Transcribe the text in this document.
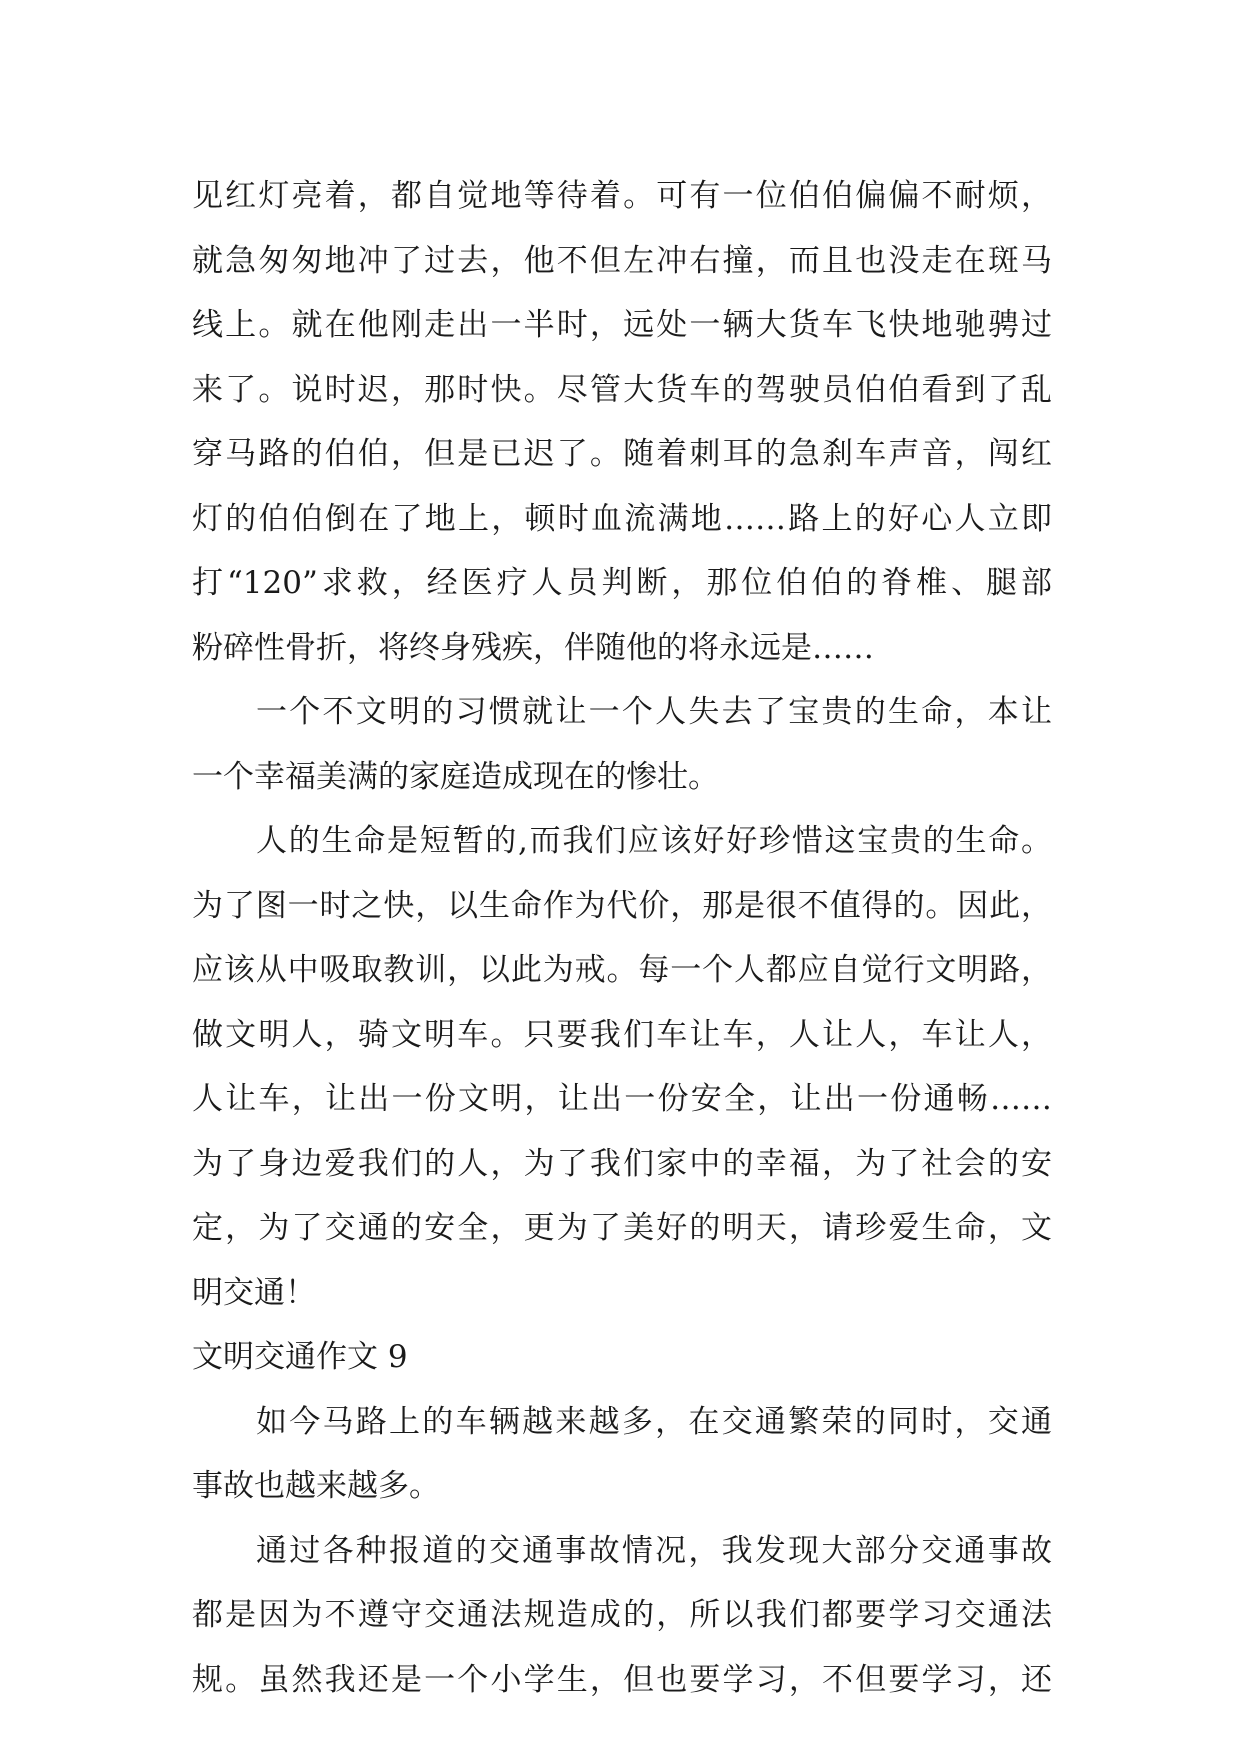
见红灯亮着，都自觉地等待着。可有一位伯伯偏偏不耐烦，
就急匆匆地冲了过去，他不但左冲右撞，而且也没走在斑马
线上。就在他刚走出一半时，远处一辆大货车飞快地驰骋过
来了。说时迟，那时快。尽管大货车的驾驶员伯伯看到了乱
穿马路的伯伯，但是已迟了。随着刺耳的急刹车声音，闯红
灯的伯伯倒在了地上，顿时血流满地……路上的好心人立即
打“120”求救，经医疗人员判断，那位伯伯的脊椎、腿部
粉碎性骨折，将终身残疾，伴随他的将永远是……
一个不文明的习惯就让一个人失去了宝贵的生命，本让
一个幸福美满的家庭造成现在的惨壮。
人的生命是短暂的,而我们应该好好珍惜这宝贵的生命。
为了图一时之快，以生命作为代价，那是很不值得的。因此，
应该从中吸取教训，以此为戒。每一个人都应自觉行文明路，
做文明人，骑文明车。只要我们车让车，人让人，车让人，
人让车，让出一份文明，让出一份安全，让出一份通畅……
为了身边爱我们的人，为了我们家中的幸福，为了社会的安
定，为了交通的安全，更为了美好的明天，请珍爱生命，文
明交通！
文明交通作文 9
如今马路上的车辆越来越多，在交通繁荣的同时，交通
事故也越来越多。
通过各种报道的交通事故情况，我发现大部分交通事故
都是因为不遵守交通法规造成的，所以我们都要学习交通法
规。虽然我还是一个小学生，但也要学习，不但要学习，还
